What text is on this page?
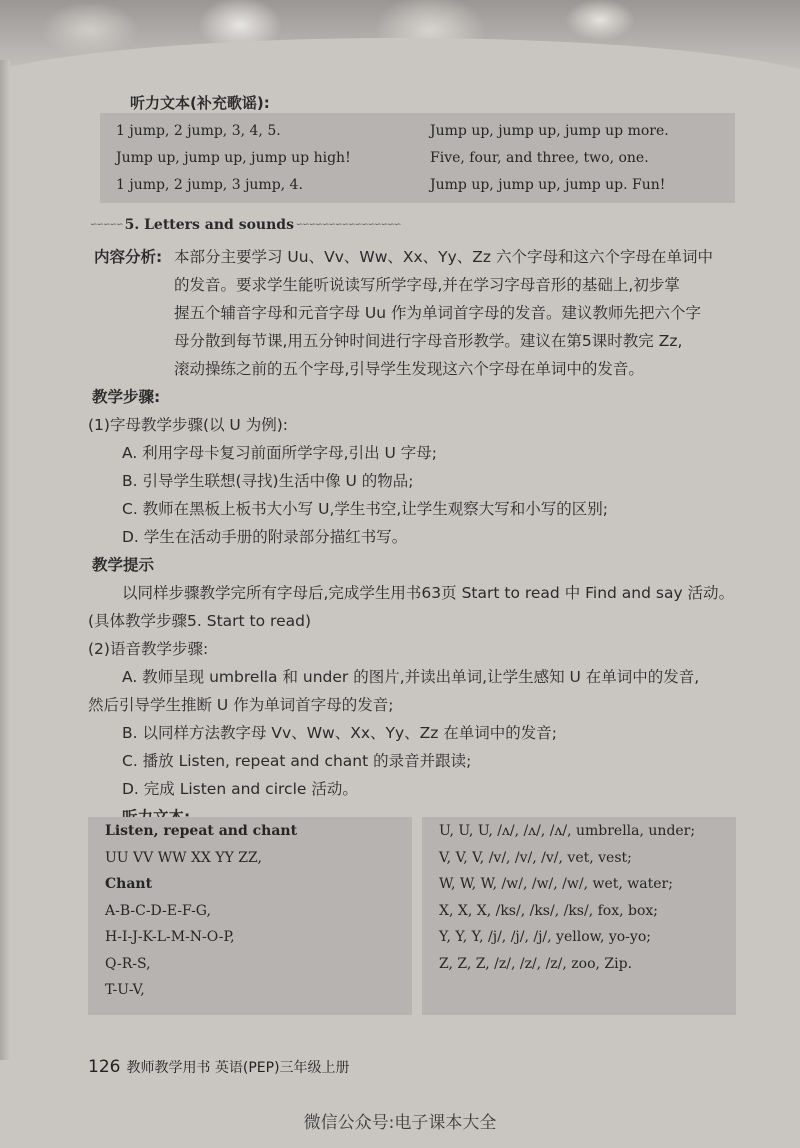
听力文本(补充歌谣):
1 jump, 2 jump, 3, 4, 5.
Jump up, jump up, jump up high!
1 jump, 2 jump, 3 jump, 4.
Jump up, jump up, jump up more.
Five, four, and three, two, one.
Jump up, jump up, jump up. Fun!
∽∽∽∽∽ 5. Letters and sounds ∽∽∽∽∽∽∽∽∽∽∽∽∽∽∽∽
内容分析: 本部分主要学习 Uu、Vv、Ww、Xx、Yy、Zz 六个字母和这六个字母在单词中
的发音。要求学生能听说读写所学字母,并在学习字母音形的基础上,初步掌
握五个辅音字母和元音字母 Uu 作为单词首字母的发音。建议教师先把六个字
母分散到每节课,用五分钟时间进行字母音形教学。建议在第5课时教完 Zz,
滚动操练之前的五个字母,引导学生发现这六个字母在单词中的发音。
教学步骤:
(1)字母教学步骤(以 U 为例):
A. 利用字母卡复习前面所学字母,引出 U 字母;
B. 引导学生联想(寻找)生活中像 U 的物品;
C. 教师在黑板上板书大小写 U,学生书空,让学生观察大写和小写的区别;
D. 学生在活动手册的附录部分描红书写。
教学提示
以同样步骤教学完所有字母后,完成学生用书63页 Start to read 中 Find and say 活动。
(具体教学步骤5. Start to read)
(2)语音教学步骤:
A. 教师呈现 umbrella 和 under 的图片,并读出单词,让学生感知 U 在单词中的发音,
然后引导学生推断 U 作为单词首字母的发音;
B. 以同样方法教字母 Vv、Ww、Xx、Yy、Zz 在单词中的发音;
C. 播放 Listen, repeat and chant 的录音并跟读;
D. 完成 Listen and circle 活动。
Listen, repeat and chant
UU VV WW XX YY ZZ,
Chant
A-B-C-D-E-F-G,
H-I-J-K-L-M-N-O-P,
Q-R-S,
T-U-V,
U, U, U, /ʌ/, /ʌ/, /ʌ/, umbrella, under;
V, V, V, /v/, /v/, /v/, vet, vest;
W, W, W, /w/, /w/, /w/, wet, water;
X, X, X, /ks/, /ks/, /ks/, fox, box;
Y, Y, Y, /j/, /j/, /j/, yellow, yo-yo;
Z, Z, Z, /z/, /z/, /z/, zoo, Zip.
126 教师教学用书 英语(PEP)三年级上册
微信公众号:电子课本大全
